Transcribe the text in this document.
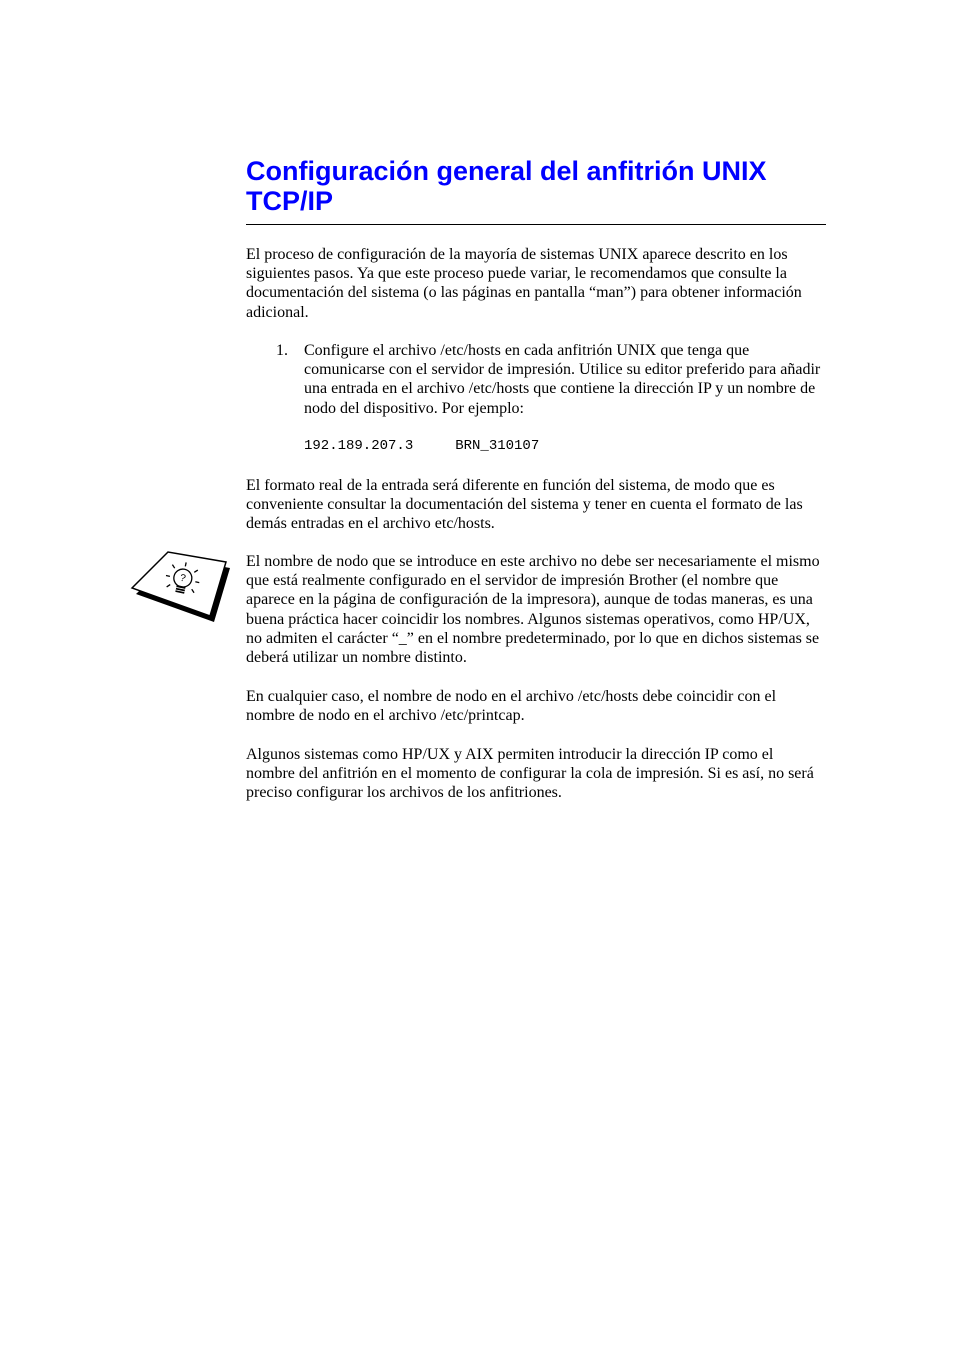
Configuración general del anfitrión UNIX TCP/IP

El proceso de configuración de la mayoría de sistemas UNIX aparece descrito en los siguientes pasos. Ya que este proceso puede variar, le recomendamos que consulte la documentación del sistema (o las páginas en pantalla “man”) para obtener información adicional.

1. Configure el archivo /etc/hosts en cada anfitrión UNIX que tenga que comunicarse con el servidor de impresión. Utilice su editor preferido para añadir una entrada en el archivo /etc/hosts que contiene la dirección IP y un nombre de nodo del dispositivo. Por ejemplo:

192.189.207.3	BRN_310107

El formato real de la entrada será diferente en función del sistema, de modo que es conveniente consultar la documentación del sistema y tener en cuenta el formato de las demás entradas en el archivo etc/hosts.

?

El nombre de nodo que se introduce en este archivo no debe ser necesariamente el mismo que está realmente configurado en el servidor de impresión Brother (el nombre que aparece en la página de configuración de la impresora), aunque de todas maneras, es una buena práctica hacer coincidir los nombres. Algunos sistemas operativos, como HP/UX, no admiten el carácter “_” en el nombre predeterminado, por lo que en dichos sistemas se deberá utilizar un nombre distinto.

En cualquier caso, el nombre de nodo en el archivo /etc/hosts debe coincidir con el nombre de nodo en el archivo /etc/printcap.

Algunos sistemas como HP/UX y AIX permiten introducir la dirección IP como el nombre del anfitrión en el momento de configurar la cola de impresión. Si es así, no será preciso configurar los archivos de los anfitriones.
